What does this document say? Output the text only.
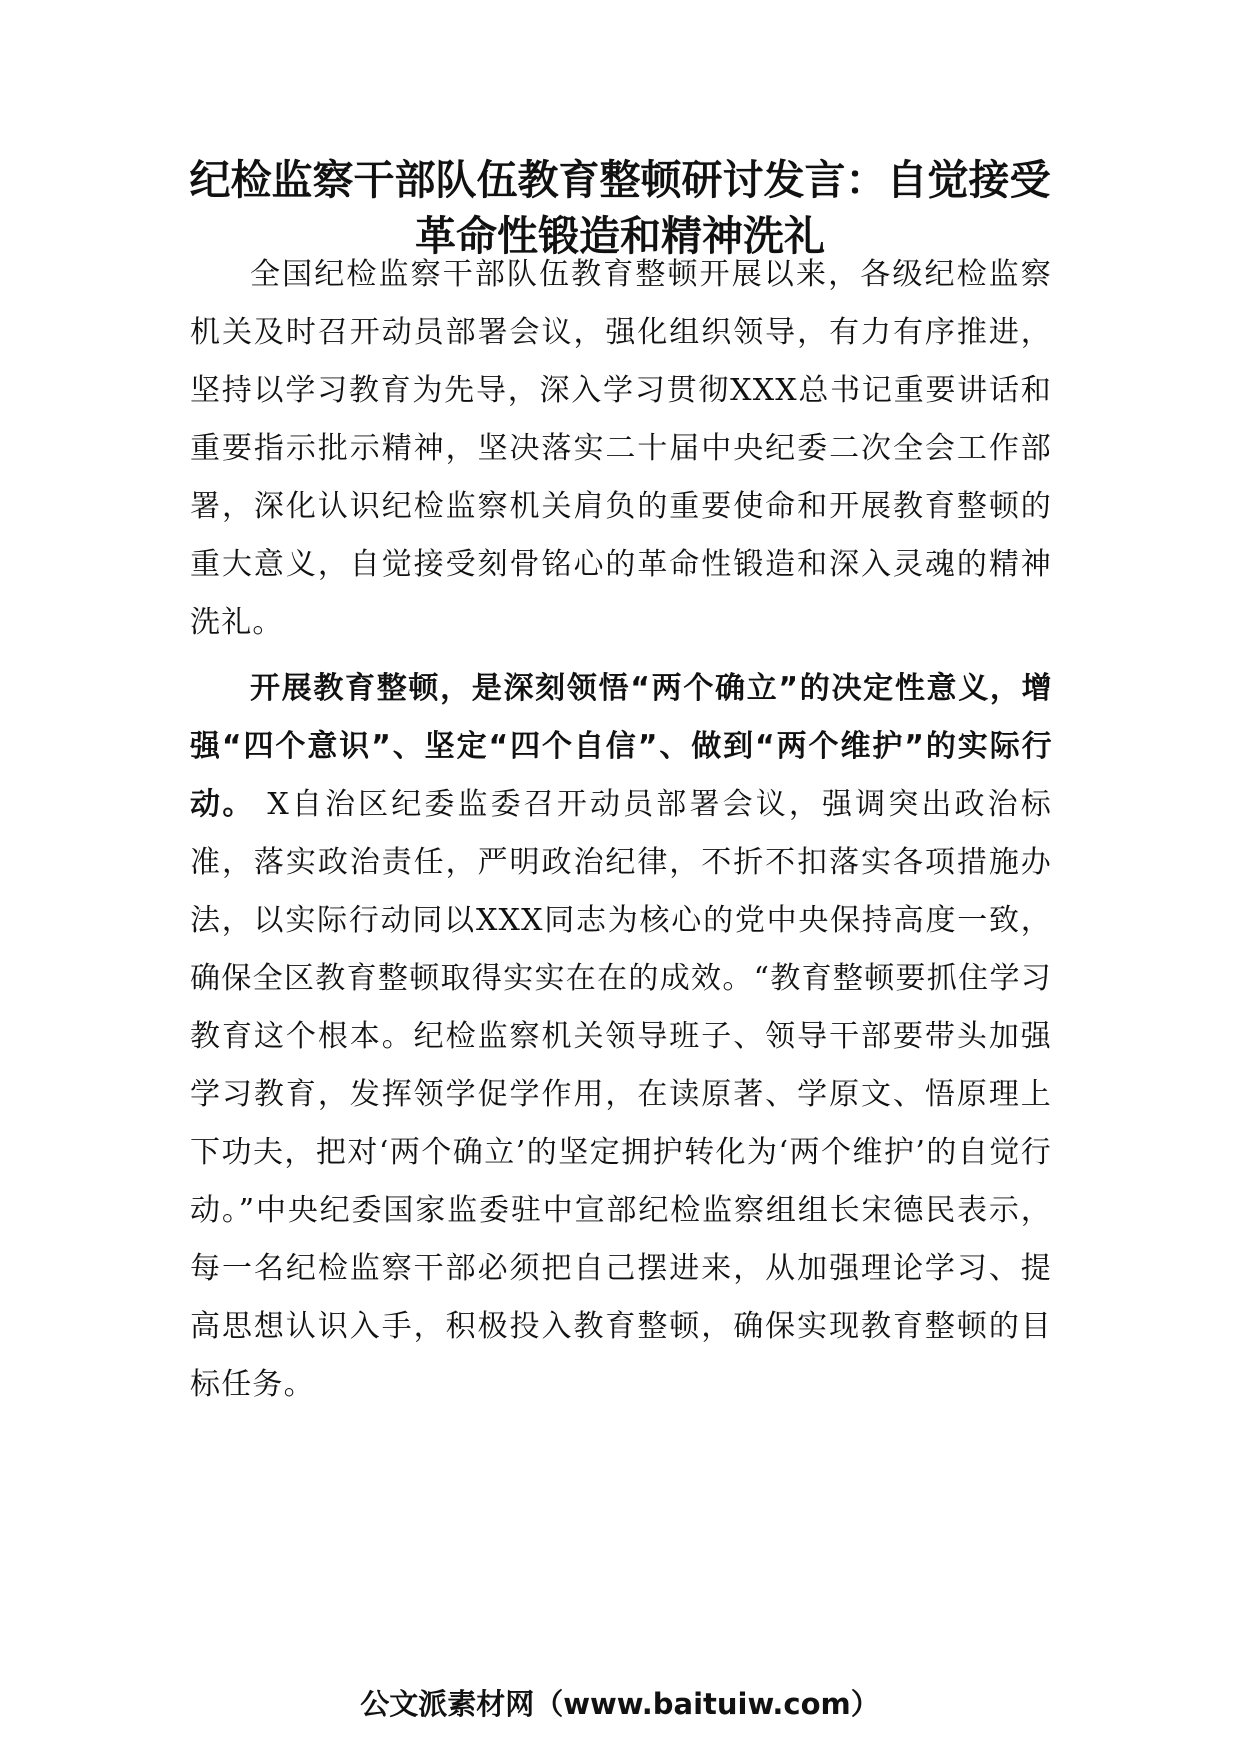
纪检监察干部队伍教育整顿研讨发言：自觉接受革命性锻造和精神洗礼

全国纪检监察干部队伍教育整顿开展以来，各级纪检监察机关及时召开动员部署会议，强化组织领导，有力有序推进，坚持以学习教育为先导，深入学习贯彻XXX总书记重要讲话和重要指示批示精神，坚决落实二十届中央纪委二次全会工作部署，深化认识纪检监察机关肩负的重要使命和开展教育整顿的重大意义，自觉接受刻骨铭心的革命性锻造和深入灵魂的精神洗礼。

开展教育整顿，是深刻领悟“两个确立”的决定性意义，增强“四个意识”、坚定“四个自信”、做到“两个维护”的实际行动。 X自治区纪委监委召开动员部署会议，强调突出政治标准，落实政治责任，严明政治纪律，不折不扣落实各项措施办法，以实际行动同以XXX同志为核心的党中央保持高度一致，确保全区教育整顿取得实实在在的成效。“教育整顿要抓住学习教育这个根本。纪检监察机关领导班子、领导干部要带头加强学习教育，发挥领学促学作用，在读原著、学原文、悟原理上下功夫，把对‘两个确立’的坚定拥护转化为‘两个维护’的自觉行动。”中央纪委国家监委驻中宣部纪检监察组组长宋德民表示，每一名纪检监察干部必须把自己摆进来，从加强理论学习、提高思想认识入手，积极投入教育整顿，确保实现教育整顿的目标任务。

公文派素材网（www.baituiw.com）
